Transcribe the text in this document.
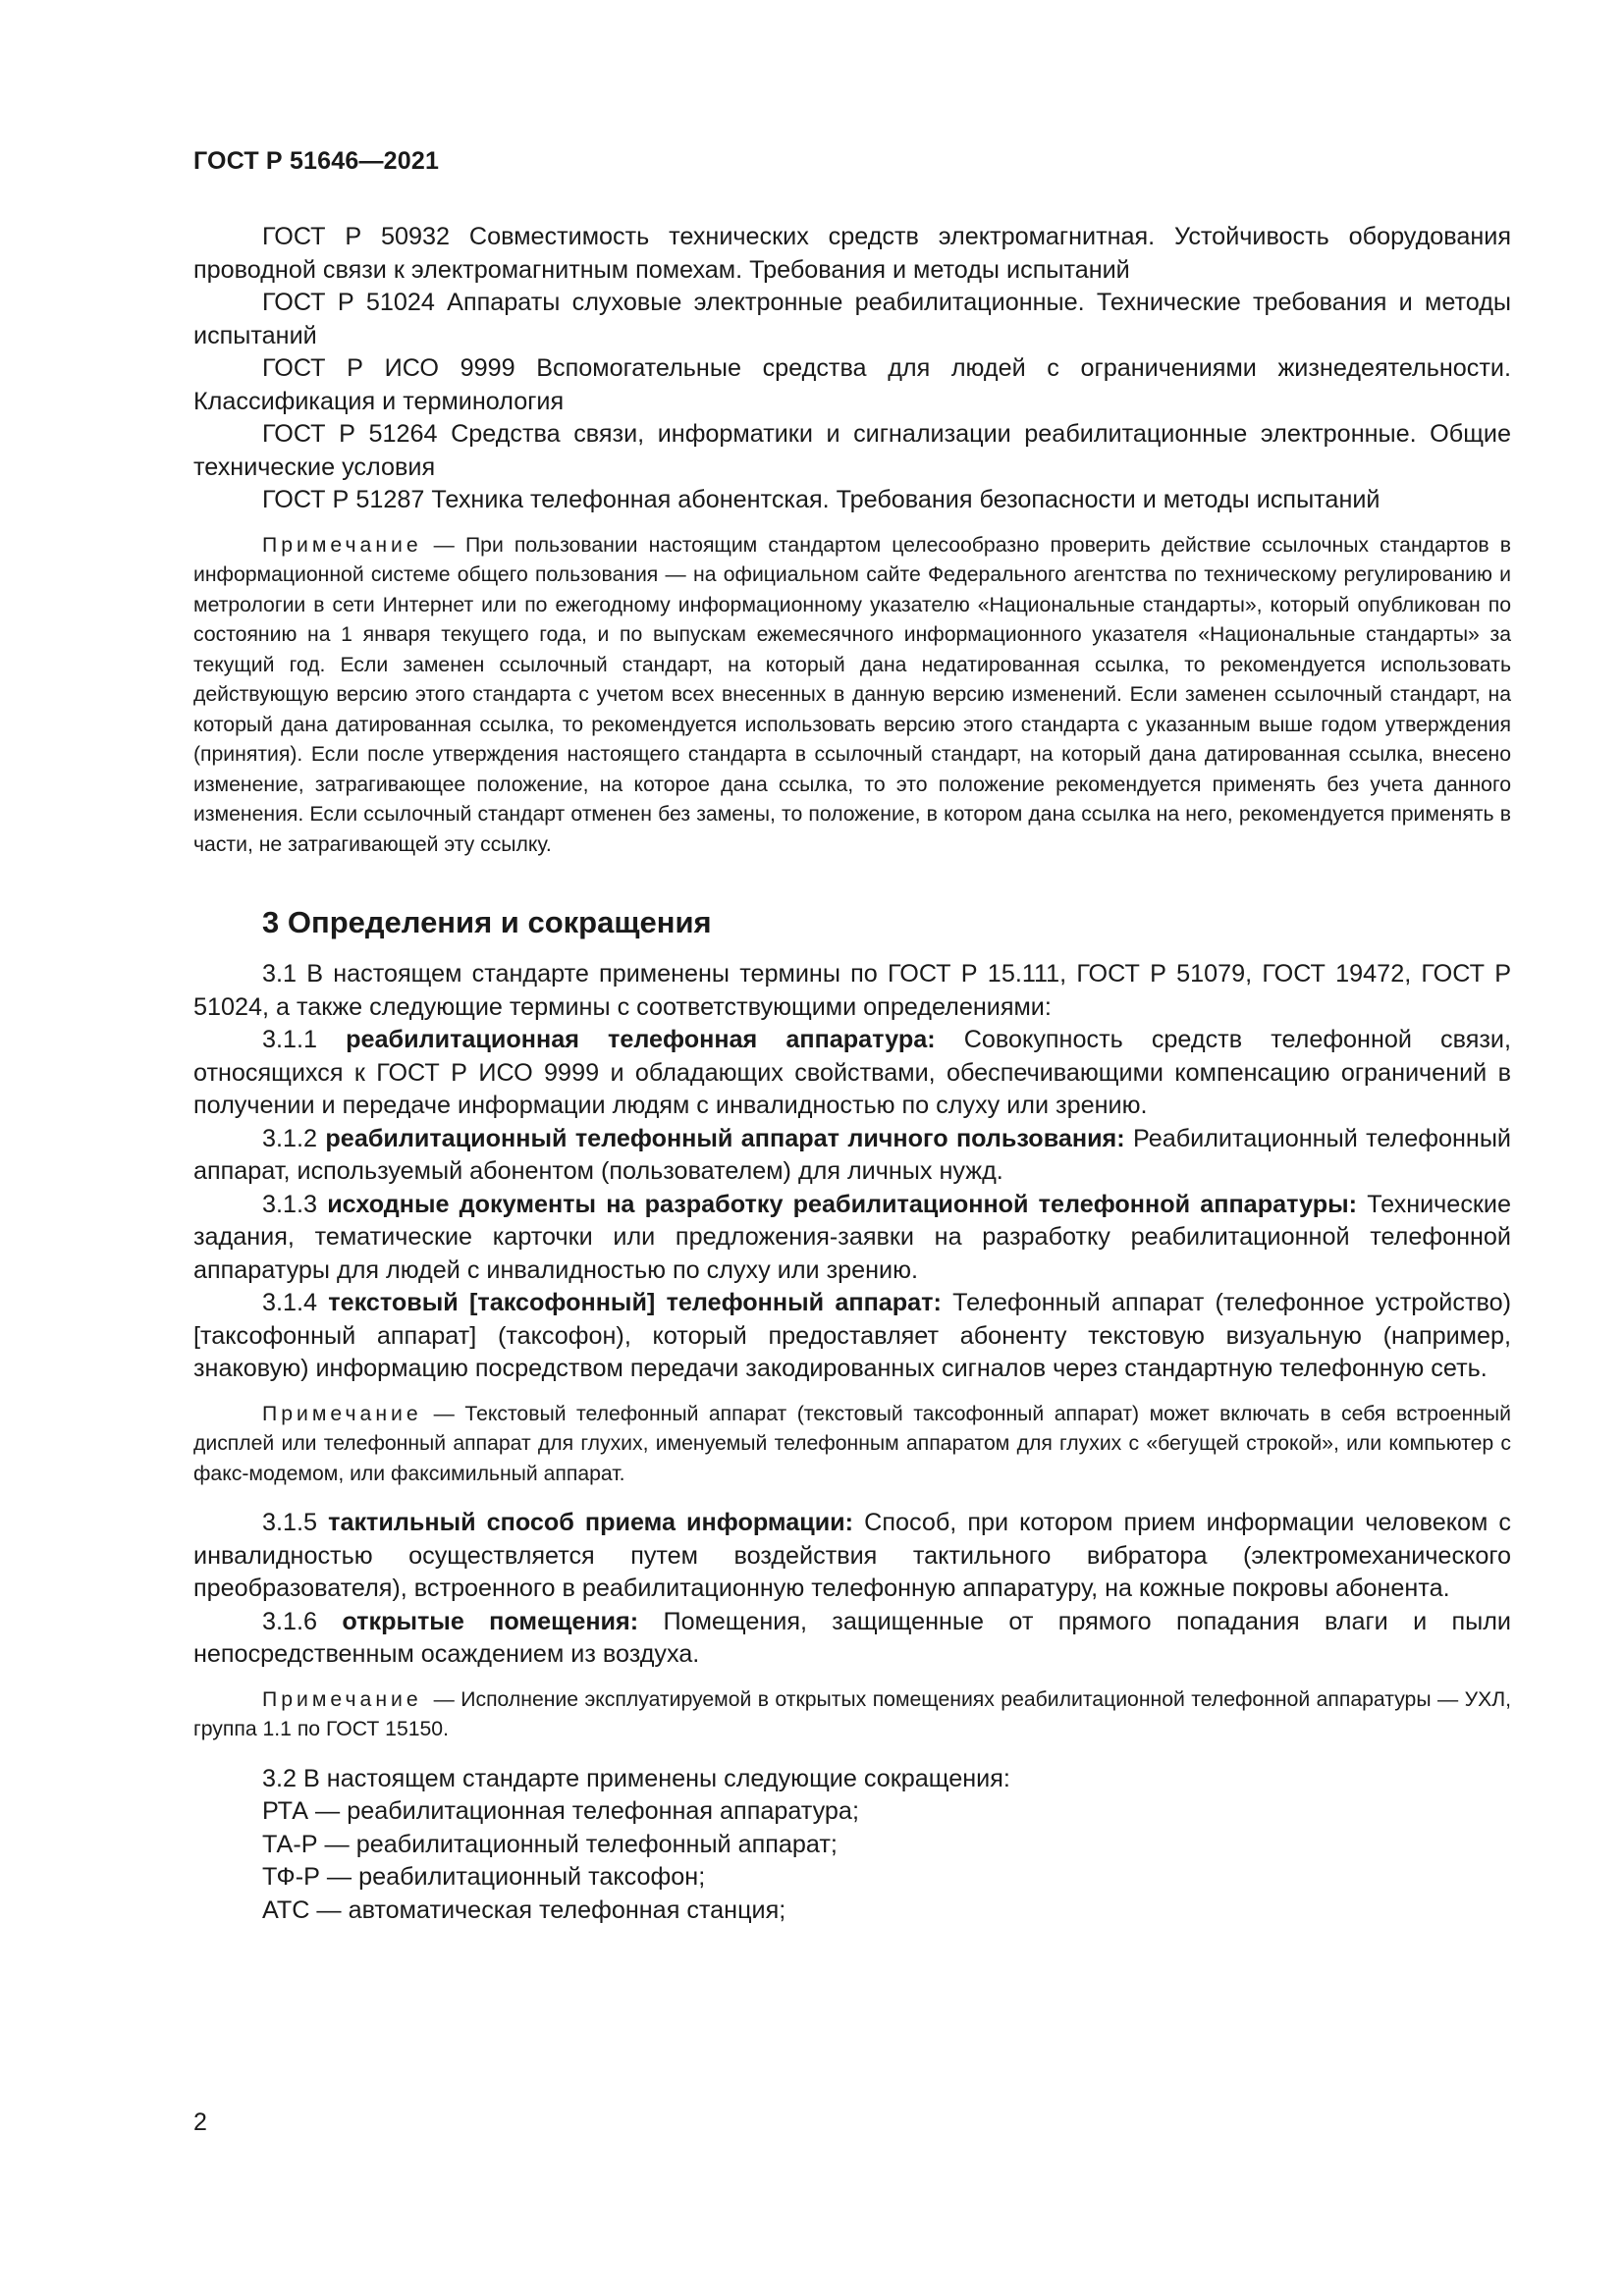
ГОСТ Р 51646—2021

ГОСТ Р 50932 Совместимость технических средств электромагнитная. Устойчивость оборудования проводной связи к электромагнитным помехам. Требования и методы испытаний

ГОСТ Р 51024 Аппараты слуховые электронные реабилитационные. Технические требования и методы испытаний

ГОСТ Р ИСО 9999 Вспомогательные средства для людей с ограничениями жизнедеятельности. Классификация и терминология

ГОСТ Р 51264 Средства связи, информатики и сигнализации реабилитационные электронные. Общие технические условия

ГОСТ Р 51287 Техника телефонная абонентская. Требования безопасности и методы испытаний

Примечание — При пользовании настоящим стандартом целесообразно проверить действие ссылочных стандартов в информационной системе общего пользования — на официальном сайте Федерального агентства по техническому регулированию и метрологии в сети Интернет или по ежегодному информационному указателю «Национальные стандарты», который опубликован по состоянию на 1 января текущего года, и по выпускам ежемесячного информационного указателя «Национальные стандарты» за текущий год. Если заменен ссылочный стандарт, на который дана недатированная ссылка, то рекомендуется использовать действующую версию этого стандарта с учетом всех внесенных в данную версию изменений. Если заменен ссылочный стандарт, на который дана датированная ссылка, то рекомендуется использовать версию этого стандарта с указанным выше годом утверждения (принятия). Если после утверждения настоящего стандарта в ссылочный стандарт, на который дана датированная ссылка, внесено изменение, затрагивающее положение, на которое дана ссылка, то это положение рекомендуется применять без учета данного изменения. Если ссылочный стандарт отменен без замены, то положение, в котором дана ссылка на него, рекомендуется применять в части, не затрагивающей эту ссылку.

3 Определения и сокращения

3.1 В настоящем стандарте применены термины по ГОСТ Р 15.111, ГОСТ Р 51079, ГОСТ 19472, ГОСТ Р 51024, а также следующие термины с соответствующими определениями:

3.1.1 реабилитационная телефонная аппаратура: Совокупность средств телефонной связи, относящихся к ГОСТ Р ИСО 9999 и обладающих свойствами, обеспечивающими компенсацию ограничений в получении и передаче информации людям с инвалидностью по слуху или зрению.

3.1.2 реабилитационный телефонный аппарат личного пользования: Реабилитационный телефонный аппарат, используемый абонентом (пользователем) для личных нужд.

3.1.3 исходные документы на разработку реабилитационной телефонной аппаратуры: Технические задания, тематические карточки или предложения-заявки на разработку реабилитационной телефонной аппаратуры для людей с инвалидностью по слуху или зрению.

3.1.4 текстовый [таксофонный] телефонный аппарат: Телефонный аппарат (телефонное устройство) [таксофонный аппарат] (таксофон), который предоставляет абоненту текстовую визуальную (например, знаковую) информацию посредством передачи закодированных сигналов через стандартную телефонную сеть.

Примечание — Текстовый телефонный аппарат (текстовый таксофонный аппарат) может включать в себя встроенный дисплей или телефонный аппарат для глухих, именуемый телефонным аппаратом для глухих с «бегущей строкой», или компьютер с факс-модемом, или факсимильный аппарат.

3.1.5 тактильный способ приема информации: Способ, при котором прием информации человеком с инвалидностью осуществляется путем воздействия тактильного вибратора (электромеханического преобразователя), встроенного в реабилитационную телефонную аппаратуру, на кожные покровы абонента.

3.1.6 открытые помещения: Помещения, защищенные от прямого попадания влаги и пыли непосредственным осаждением из воздуха.

Примечание — Исполнение эксплуатируемой в открытых помещениях реабилитационной телефонной аппаратуры — УХЛ, группа 1.1 по ГОСТ 15150.

3.2 В настоящем стандарте применены следующие сокращения:

РТА — реабилитационная телефонная аппаратура;

ТА-Р — реабилитационный телефонный аппарат;

ТФ-Р — реабилитационный таксофон;

АТС — автоматическая телефонная станция;

2
